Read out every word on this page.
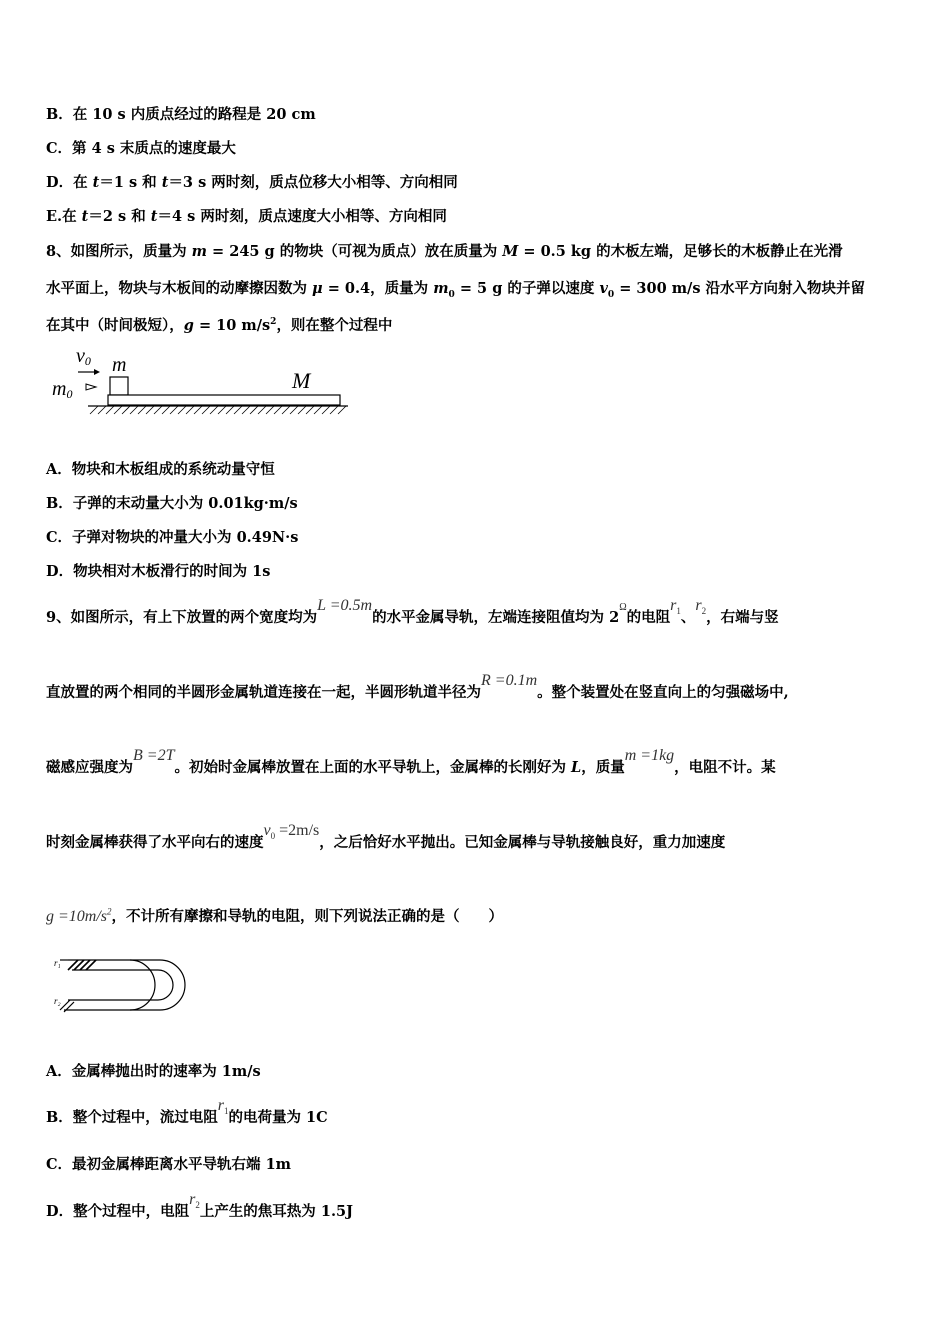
B．在 10 s 内质点经过的路程是 20 cm
C．第 4 s 末质点的速度最大
D．在 t＝1 s 和 t＝3 s 两时刻，质点位移大小相等、方向相同
E.在 t＝2 s 和 t＝4 s 两时刻，质点速度大小相等、方向相同
8、如图所示，质量为 m = 245 g 的物块（可视为质点）放在质量为 M = 0.5 kg 的木板左端，足够长的木板静止在光滑
水平面上，物块与木板间的动摩擦因数为 μ = 0.4，质量为 $m_0 = 5$ g 的子弹以速度 $v_0 = 300$ m/s 沿水平方向射入物块并留
在其中（时间极短），g = 10 $m/s^2$，则在整个过程中
v0 m
m0
M
A．物块和木板组成的系统动量守恒
B．子弹的末动量大小为 0.01kg·m/s
C．子弹对物块的冲量大小为 0.49N·s
D．物块相对木板滑行的时间为 1s
9、如图所示，有上下放置的两个宽度均为L =0.5m的水平金属导轨，左端连接阻值均为 $2^\Omega$的电阻$r_1$、$r_2$，右端与竖
直放置的两个相同的半圆形金属轨道连接在一起，半圆形轨道半径为R =0.1m。整个装置处在竖直向上的匀强磁场中,
磁感应强度为B =2T。初始时金属棒放置在上面的水平导轨上，金属棒的长刚好为 L，质量m =1kg，电阻不计。某
时刻金属棒获得了水平向右的速度$v_0 =2m/s$，之后恰好水平抛出。已知金属棒与导轨接触良好，重力加速度
$g =10m/s^2$，不计所有摩擦和导轨的电阻，则下列说法正确的是（　　）
r₁
r₂
A．金属棒抛出时的速率为 1m/s
B．整个过程中，流过电阻$r_1$的电荷量为 1C
C．最初金属棒距离水平导轨右端 1m
D．整个过程中，电阻$r_2$上产生的焦耳热为 1.5J
